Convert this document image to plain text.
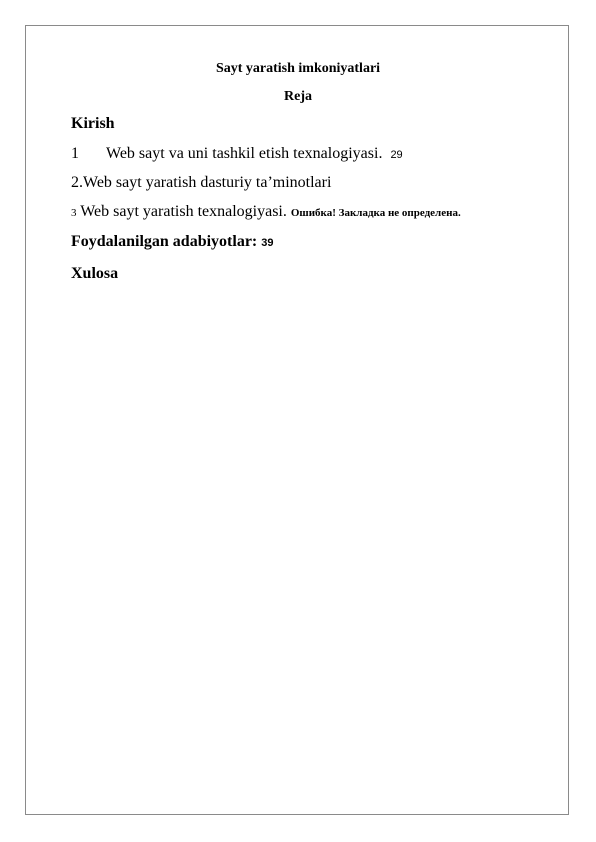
Sayt yaratish imkoniyatlari
Reja
Kirish
1 Web sayt va uni tashkil etish texnalogiyasi. 29
2.Web sayt yaratish dasturiy ta’minotlari
3 Web sayt yaratish texnalogiyasi. Ошибка! Закладка не определена.
Foydalanilgan adabiyotlar: 39
Xulosa
